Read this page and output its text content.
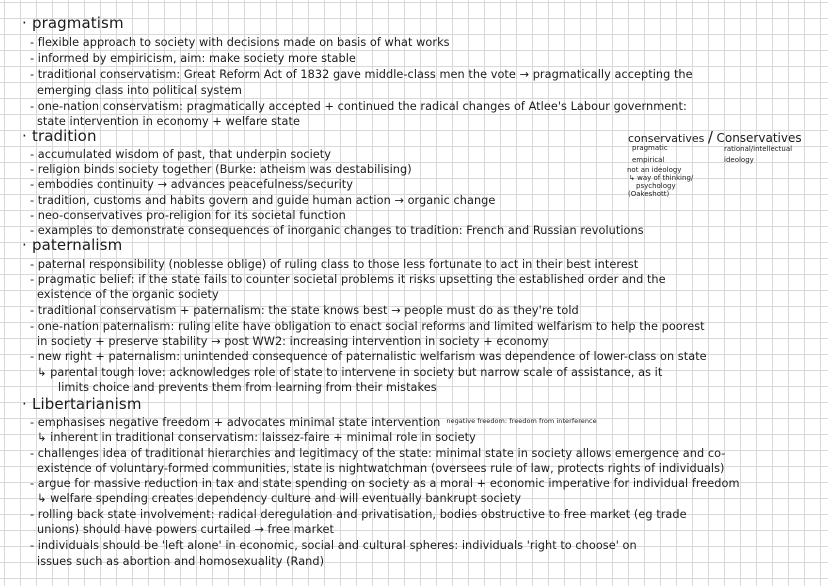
· pragmatism
- flexible approach to society with decisions made on basis of what works
- informed by empiricism, aim: make society more stable
- traditional conservatism: Great Reform Act of 1832 gave middle-class men the vote → pragmatically accepting the
emerging class into political system
- one-nation conservatism: pragmatically accepted + continued the radical changes of Atlee's Labour government:
state intervention in economy + welfare state
· tradition
- accumulated wisdom of past, that underpin society
- religion binds society together (Burke: atheism was destabilising)
- embodies continuity → advances peacefulness/security
- tradition, customs and habits govern and guide human action → organic change
- neo-conservatives pro-religion for its societal function
- examples to demonstrate consequences of inorganic changes to tradition: French and Russian revolutions
conservatives / Conservatives
pragmatic
empirical
not an ideology
↳ way of thinking/
psychology
(Oakeshott)
rational/intellectual
ideology
· paternalism
- paternal responsibility (noblesse oblige) of ruling class to those less fortunate to act in their best interest
- pragmatic belief: if the state fails to counter societal problems it risks upsetting the established order and the
existence of the organic society
- traditional conservatism + paternalism: the state knows best → people must do as they're told
- one-nation paternalism: ruling elite have obligation to enact social reforms and limited welfarism to help the poorest
in society + preserve stability → post WW2: increasing intervention in society + economy
- new right + paternalism: unintended consequence of paternalistic welfarism was dependence of lower-class on state
↳ parental tough love: acknowledges role of state to intervene in society but narrow scale of assistance, as it
limits choice and prevents them from learning from their mistakes
· Libertarianism
- emphasises negative freedom + advocates minimal state intervention $^{negative freedom: freedom from interference}$
↳ inherent in traditional conservatism: laissez-faire + minimal role in society
- challenges idea of traditional hierarchies and legitimacy of the state: minimal state in society allows emergence and co-
existence of voluntary-formed communities, state is nightwatchman (oversees rule of law, protects rights of individuals)
- argue for massive reduction in tax and state spending on society as a moral + economic imperative for individual freedom
↳ welfare spending creates dependency culture and will eventually bankrupt society
- rolling back state involvement: radical deregulation and privatisation, bodies obstructive to free market (eg trade
unions) should have powers curtailed → free market
- individuals should be 'left alone' in economic, social and cultural spheres: individuals 'right to choose' on
issues such as abortion and homosexuality (Rand)
